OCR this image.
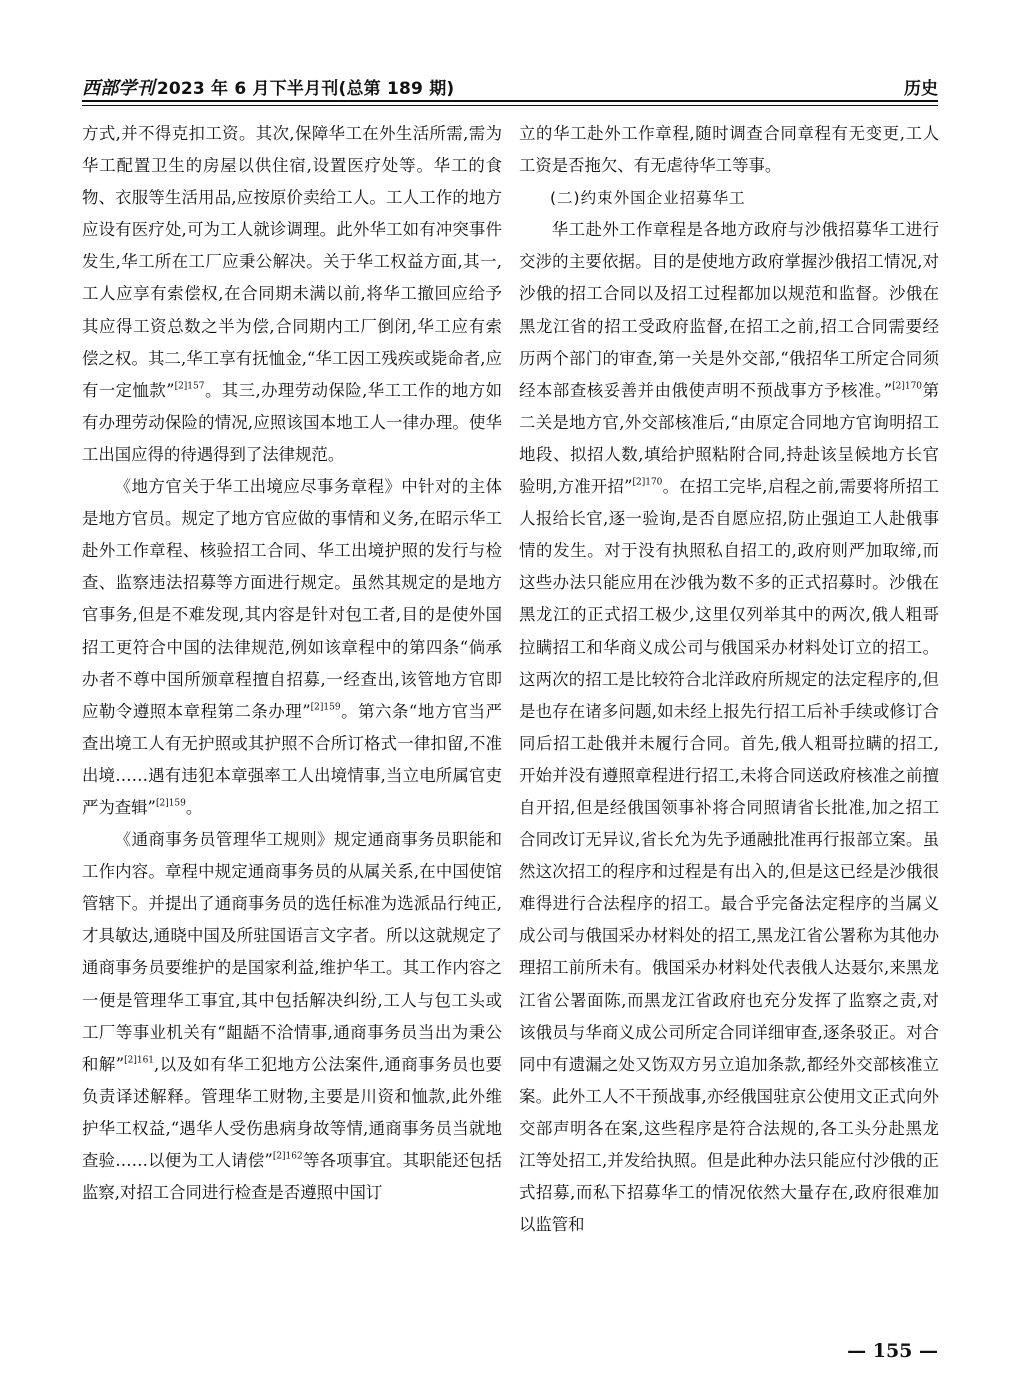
西部学刊 2023 年 6 月下半月刊(总第 189 期)	历史

方式,并不得克扣工资。其次,保障华工在外生活所需,需为华工配置卫生的房屋以供住宿,设置医疗处等。华工的食物、衣服等生活用品,应按原价卖给工人。工人工作的地方应设有医疗处,可为工人就诊调理。此外华工如有冲突事件发生,华工所在工厂应秉公解决。关于华工权益方面,其一,工人应享有索偿权,在合同期未满以前,将华工撤回应给予其应得工资总数之半为偿,合同期内工厂倒闭,华工应有索偿之权。其二,华工享有抚恤金,“华工因工残疾或毙命者,应有一定恤款”$^{[2]157}$。其三,办理劳动保险,华工工作的地方如有办理劳动保险的情况,应照该国本地工人一律办理。使华工出国应得的待遇得到了法律规范。

《地方官关于华工出境应尽事务章程》中针对的主体是地方官员。规定了地方官应做的事情和义务,在昭示华工赴外工作章程、核验招工合同、华工出境护照的发行与检查、监察违法招募等方面进行规定。虽然其规定的是地方官事务,但是不难发现,其内容是针对包工者,目的是使外国招工更符合中国的法律规范,例如该章程中的第四条“倘承办者不尊中国所颁章程擅自招募,一经查出,该管地方官即应勒令遵照本章程第二条办理”$^{[2]159}$。第六条“地方官当严查出境工人有无护照或其护照不合所订格式一律扣留,不准出境……遇有违犯本章强率工人出境情事,当立电所属官吏严为查辑”$^{[2]159}$。

《通商事务员管理华工规则》规定通商事务员职能和工作内容。章程中规定通商事务员的从属关系,在中国使馆管辖下。并提出了通商事务员的选任标准为选派品行纯正,才具敏达,通晓中国及所驻国语言文字者。所以这就规定了通商事务员要维护的是国家利益,维护华工。其工作内容之一便是管理华工事宜,其中包括解决纠纷,工人与包工头或工厂等事业机关有“龃龉不洽情事,通商事务员当出为秉公和解”$^{[2]161}$,以及如有华工犯地方公法案件,通商事务员也要负责译述解释。管理华工财物,主要是川资和恤款,此外维护华工权益,“遇华人受伤患病身故等情,通商事务员当就地查验……以便为工人请偿”$^{[2]162}$等各项事宜。其职能还包括监察,对招工合同进行检查是否遵照中国订

立的华工赴外工作章程,随时调查合同章程有无变更,工人工资是否拖欠、有无虐待华工等事。

(二)约束外国企业招募华工

华工赴外工作章程是各地方政府与沙俄招募华工进行交涉的主要依据。目的是使地方政府掌握沙俄招工情况,对沙俄的招工合同以及招工过程都加以规范和监督。沙俄在黑龙江省的招工受政府监督,在招工之前,招工合同需要经历两个部门的审查,第一关是外交部,“俄招华工所定合同须经本部查核妥善并由俄使声明不预战事方予核准。”$^{[2]170}$第二关是地方官,外交部核准后,“由原定合同地方官询明招工地段、拟招人数,填给护照粘附合同,持赴该呈候地方长官验明,方准开招”$^{[2]170}$。在招工完毕,启程之前,需要将所招工人报给长官,逐一验询,是否自愿应招,防止强迫工人赴俄事情的发生。对于没有执照私自招工的,政府则严加取缔,而这些办法只能应用在沙俄为数不多的正式招募时。沙俄在黑龙江的正式招工极少,这里仅列举其中的两次,俄人粗哥拉瞒招工和华商义成公司与俄国采办材料处订立的招工。这两次的招工是比较符合北洋政府所规定的法定程序的,但是也存在诸多问题,如未经上报先行招工后补手续或修订合同后招工赴俄并未履行合同。首先,俄人粗哥拉瞒的招工,开始并没有遵照章程进行招工,未将合同送政府核准之前擅自开招,但是经俄国领事补将合同照请省长批准,加之招工合同改订无异议,省长允为先予通融批准再行报部立案。虽然这次招工的程序和过程是有出入的,但是这已经是沙俄很难得进行合法程序的招工。最合乎完备法定程序的当属义成公司与俄国采办材料处的招工,黑龙江省公署称为其他办理招工前所未有。俄国采办材料处代表俄人达聂尔,来黑龙江省公署面陈,而黑龙江省政府也充分发挥了监察之责,对该俄员与华商义成公司所定合同详细审查,逐条驳正。对合同中有遗漏之处又饬双方另立追加条款,都经外交部核准立案。此外工人不干预战事,亦经俄国驻京公使用文正式向外交部声明各在案,这些程序是符合法规的,各工头分赴黑龙江等处招工,并发给执照。但是此种办法只能应付沙俄的正式招募,而私下招募华工的情况依然大量存在,政府很难加以监管和

— 155 —
